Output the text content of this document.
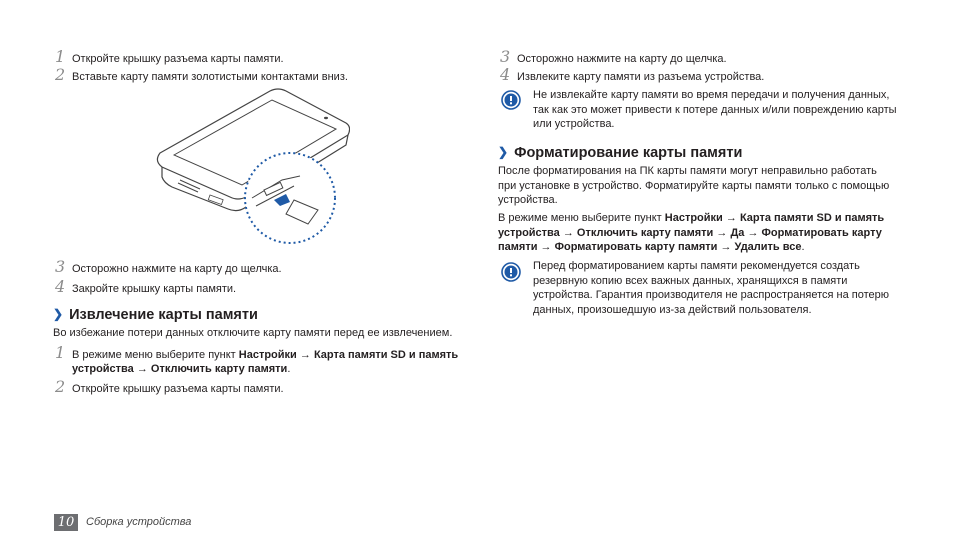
1 Откройте крышку разъема карты памяти.
2 Вставьте карту памяти золотистыми контактами вниз.
3 Осторожно нажмите на карту до щелчка.
4 Закройте крышку карты памяти.
❯ Извлечение карты памяти
Во избежание потери данных отключите карту памяти перед ее извлечением.
1 В режиме меню выберите пункт Настройки → Карта памяти SD и память
устройства → Отключить карту памяти.
2 Откройте крышку разъема карты памяти.
3 Осторожно нажмите на карту до щелчка.
4 Извлеките карту памяти из разъема устройства.
Не извлекайте карту памяти во время передачи и получения данных,
так как это может привести к потере данных и/или повреждению карты
или устройства.
❯ Форматирование карты памяти
После форматирования на ПК карты памяти могут неправильно работать
при установке в устройство. Форматируйте карты памяти только с помощью
устройства.
В режиме меню выберите пункт Настройки → Карта памяти SD и память
устройства → Отключить карту памяти → Да → Форматировать карту
памяти → Форматировать карту памяти → Удалить все.
Перед форматированием карты памяти рекомендуется создать
резервную копию всех важных данных, хранящихся в памяти
устройства. Гарантия производителя не распространяется на потерю
данных, произошедшую из-за действий пользователя.
10	Сборка устройства
